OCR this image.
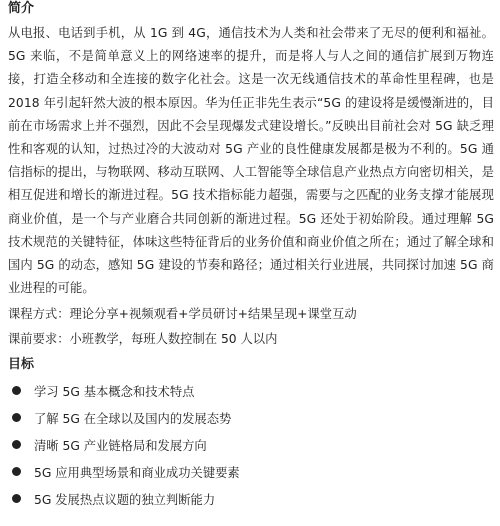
简介

从电报、电话到手机，从 1G 到 4G，通信技术为人类和社会带来了无尽的便利和福祉。5G 来临，不是简单意义上的网络速率的提升，而是将人与人之间的通信扩展到万物连接，打造全移动和全连接的数字化社会。这是一次无线通信技术的革命性里程碑，也是 2018 年引起轩然大波的根本原因。华为任正非先生表示“5G 的建设将是缓慢渐进的，目前在市场需求上并不强烈，因此不会呈现爆发式建设增长。”反映出目前社会对 5G 缺乏理性和客观的认知，过热过冷的大波动对 5G 产业的良性健康发展都是极为不利的。5G 通信指标的提出，与物联网、移动互联网、人工智能等全球信息产业热点方向密切相关，是相互促进和增长的渐进过程。5G 技术指标能力超强，需要与之匹配的业务支撑才能展现商业价值，是一个与产业磨合共同创新的渐进过程。5G 还处于初始阶段。通过理解 5G 技术规范的关键特征，体味这些特征背后的业务价值和商业价值之所在；通过了解全球和国内 5G 的动态，感知 5G 建设的节奏和路径；通过相关行业进展，共同探讨加速 5G 商业进程的可能。

课程方式：理论分享+视频观看+学员研讨+结果呈现+课堂互动

课前要求：小班教学，每班人数控制在 50 人以内

目标
学习 5G 基本概念和技术特点
了解 5G 在全球以及国内的发展态势
清晰 5G 产业链格局和发展方向
5G 应用典型场景和商业成功关键要素
5G 发展热点议题的独立判断能力
